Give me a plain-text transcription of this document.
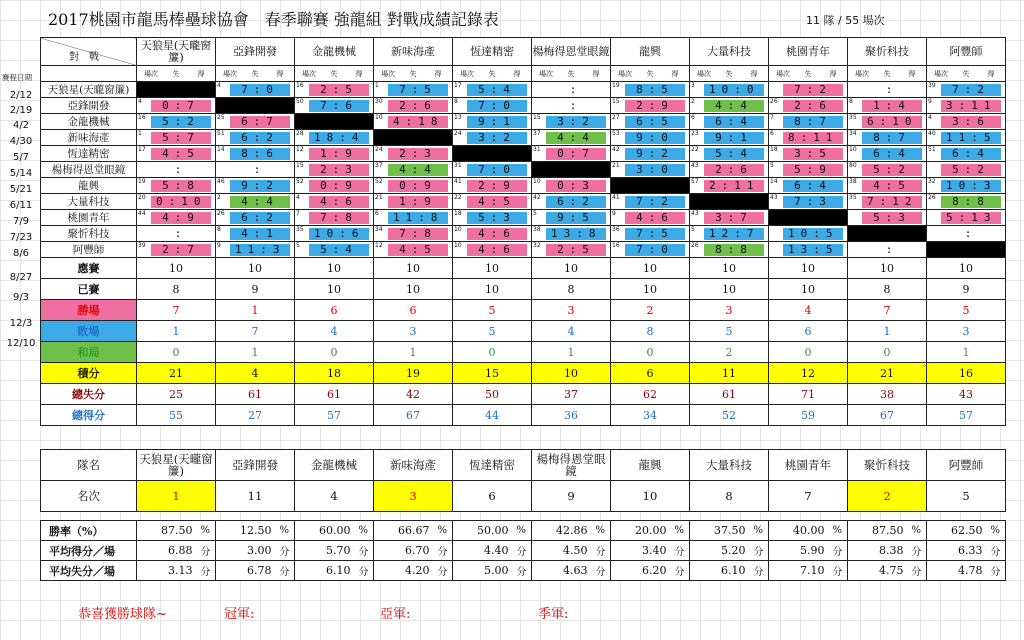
2017桃園市龍馬棒壘球協會　春季聯賽 強龍組 對戰成績記錄表	11 隊 / 55 場次
賽程日期
2/12
2/19
4/2
4/30
5/7
5/14
5/21
6/11
7/9
7/23
8/6
8/27
9/3
12/3
12/10
對　戰	天狼星(天曨窗簾)	亞鋒開發	金龍機械	新味海產	恆達精密	楊梅得恩堂眼鏡	龍興	大量科技	桃園青年	聚忻科技	阿豐師
	場次 失 得	場次 失 得	場次 失 得	場次 失 得	場次 失 得	場次 失 得	場次 失 得	場次 失 得	場次 失 得	場次 失 得	場次 失 得
天狼星(天曨窗簾)		4 7:0	16 2:5	1 7:5	17 5:4	:	19 8:5	3 10:0	7:2	:	39 7:2

亞鋒開發	4 0:7		50 7:6	30 2:6	8 7:0	:	15 2:9	2 4:4	26 2:6	8 1:4	9 3:11

金龍機械	16 5:2	25 6:7		10 4:18	13 9:1	15 3:2	27 6:5	6 6:4	7 8:7	35 6:10	4 3:6

新味海產	1 5:7	51 6:2	28 18:4		24 3:2	37 4:4	53 9:0	23 9:1	6 8:11	34 8:7	40 11:5

恆達精密	17 4:5	14 8:6	12 1:9	24 2:3		31 0:7	42 9:2	22 5:4	18 3:5	10 6:4	51 6:4

楊梅得恩堂眼鏡	:	:	15 2:3	37 4:4	31 7:0		21 3:0	43 2:6	5 5:9	80 5:2	5:2

龍興	19 5:8	46 9:2	52 0:9	52 0:9	41 2:9	10 0:3		57 2:11	14 6:4	38 4:5	32 10:3

大量科技	20 0:10	2 4:4	4 4:6	21 1:9	22 4:5	42 6:2	41 7:2		43 7:3	35 7:12	26 8:8

桃園青年	44 4:9	26 6:2	7 7:8	6 11:8	18 5:3	5 9:5	9 4:6	43 3:7		5:3	5:13

聚忻科技	:	8 4:1	35 10:6	34 7:8	10 4:6	38 13:8	36 7:5	5 12:7	10:5		:

阿豐師	39 2:7	9 11:3	5 5:4	12 4:5	10 4:6	32 2:5	16 7:0	26 8:8	13:5	:	

應賽	10	10	10	10	10	10	10	10	10	10	10
已賽	8	9	10	10	10	8	10	10	10	8	9
勝場	7	1	6	6	5	3	2	3	4	7	5
敗場	1	7	4	3	5	4	8	5	6	1	3
和局	0	1	0	1	0	1	0	2	0	0	1
積分	21	4	18	19	15	10	6	11	12	21	16
總失分	25	61	61	42	50	37	62	61	71	38	43
總得分	55	27	57	67	44	36	34	52	59	67	57
隊名	天狼星(天曨窗簾)	亞鋒開發	金龍機械	新味海產	恆達精密	楊梅得恩堂眼鏡	龍興	大量科技	桃園青年	聚忻科技	阿豐師
名次	1	11	4	3	6	9	10	8	7	2	5
勝率（%）	87.50	%	12.50	%	60.00	%	66.67	%	50.00	%	42.86	%	20.00	%	37.50	%	40.00	%	87.50	%	62.50	%
平均得分／場	6.88	分	3.00	分	5.70	分	6.70	分	4.40	分	4.50	分	3.40	分	5.20	分	5.90	分	8.38	分	6.33	分
平均失分／場	3.13	分	6.78	分	6.10	分	4.20	分	5.00	分	4.63	分	6.20	分	6.10	分	7.10	分	4.75	分	4.78	分
恭喜獲勝球隊~	冠軍:	亞軍:	季軍:
